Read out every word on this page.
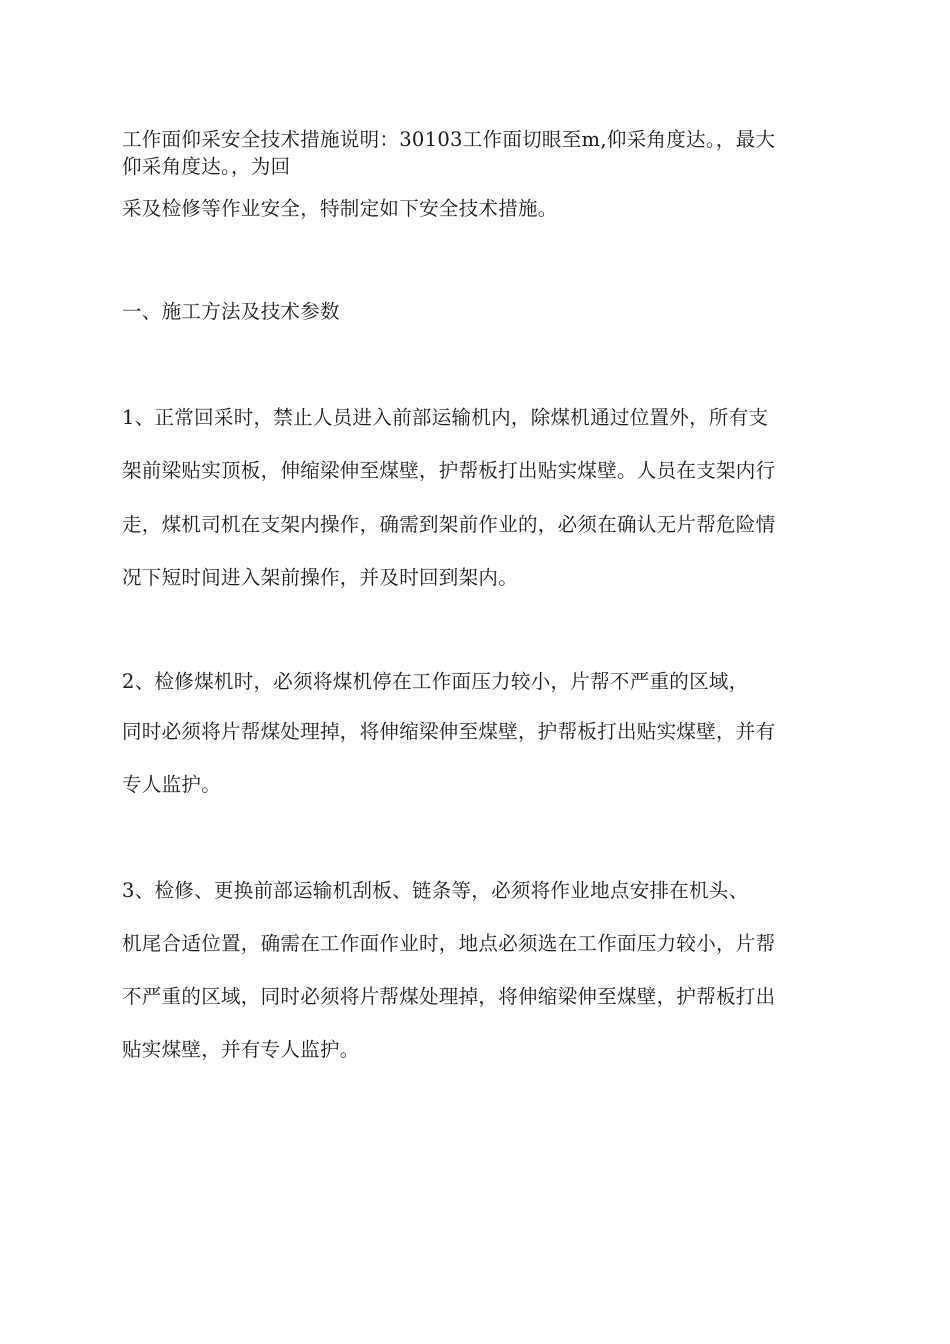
工作面仰采安全技术措施说明：30103工作面切眼至m,仰采角度达。，最大
仰采角度达。，为回

采及检修等作业安全，特制定如下安全技术措施。

一、施工方法及技术参数

1、正常回采时，禁止人员进入前部运输机内，除煤机通过位置外，所有支

架前梁贴实顶板，伸缩梁伸至煤壁，护帮板打出贴实煤壁。人员在支架内行

走，煤机司机在支架内操作，确需到架前作业的，必须在确认无片帮危险情

况下短时间进入架前操作，并及时回到架内。

2、检修煤机时，必须将煤机停在工作面压力较小，片帮不严重的区域，

同时必须将片帮煤处理掉，将伸缩梁伸至煤壁，护帮板打出贴实煤壁，并有

专人监护。

3、检修、更换前部运输机刮板、链条等，必须将作业地点安排在机头、

机尾合适位置，确需在工作面作业时，地点必须选在工作面压力较小，片帮

不严重的区域，同时必须将片帮煤处理掉，将伸缩梁伸至煤壁，护帮板打出

贴实煤壁，并有专人监护。
